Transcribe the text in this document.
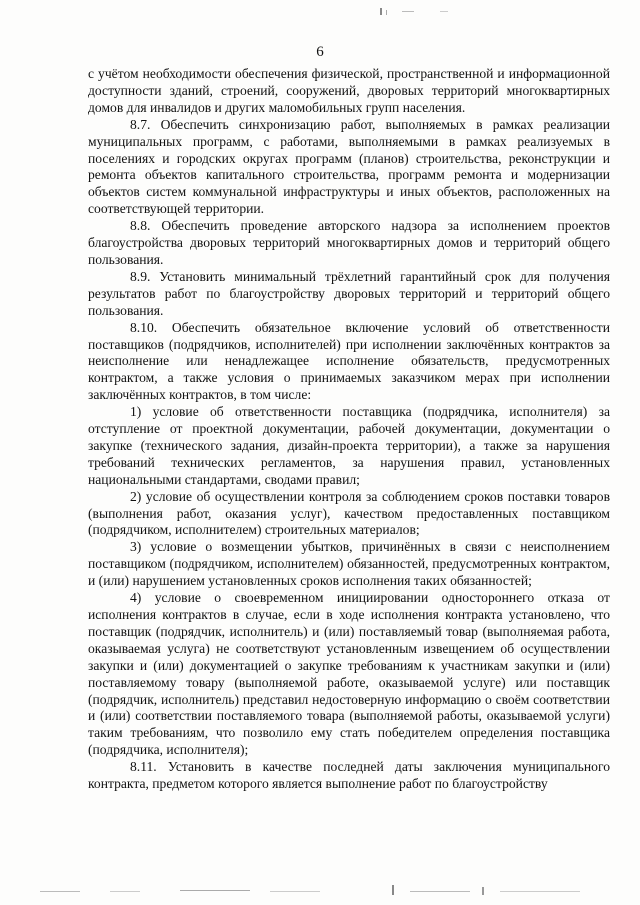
6

с учётом необходимости обеспечения физической, пространственной и информационной доступности зданий, строений, сооружений, дворовых территорий многоквартирных домов для инвалидов и других маломобильных групп населения.

8.7. Обеспечить синхронизацию работ, выполняемых в рамках реализации муниципальных программ, с работами, выполняемыми в рамках реализуемых в поселениях и городских округах программ (планов) строительства, реконструкции и ремонта объектов капитального строительства, программ ремонта и модернизации объектов систем коммунальной инфраструктуры и иных объектов, расположенных на соответствующей территории.

8.8. Обеспечить проведение авторского надзора за исполнением проектов благоустройства дворовых территорий многоквартирных домов и территорий общего пользования.

8.9. Установить минимальный трёхлетний гарантийный срок для получения результатов работ по благоустройству дворовых территорий и территорий общего пользования.

8.10. Обеспечить обязательное включение условий об ответственности поставщиков (подрядчиков, исполнителей) при исполнении заключённых контрактов за неисполнение или ненадлежащее исполнение обязательств, предусмотренных контрактом, а также условия о принимаемых заказчиком мерах при исполнении заключённых контрактов, в том числе:

1) условие об ответственности поставщика (подрядчика, исполнителя) за отступление от проектной документации, рабочей документации, документации о закупке (технического задания, дизайн-проекта территории), а также за нарушения требований технических регламентов, за нарушения правил, установленных национальными стандартами, сводами правил;

2) условие об осуществлении контроля за соблюдением сроков поставки товаров (выполнения работ, оказания услуг), качеством предоставленных поставщиком (подрядчиком, исполнителем) строительных материалов;

3) условие о возмещении убытков, причинённых в связи с неисполнением поставщиком (подрядчиком, исполнителем) обязанностей, предусмотренных контрактом, и (или) нарушением установленных сроков исполнения таких обязанностей;

4) условие о своевременном инициировании одностороннего отказа от исполнения контрактов в случае, если в ходе исполнения контракта установлено, что поставщик (подрядчик, исполнитель) и (или) поставляемый товар (выполняемая работа, оказываемая услуга) не соответствуют установленным извещением об осуществлении закупки и (или) документацией о закупке требованиям к участникам закупки и (или) поставляемому товару (выполняемой работе, оказываемой услуге) или поставщик (подрядчик, исполнитель) представил недостоверную информацию о своём соответствии и (или) соответствии поставляемого товара (выполняемой работы, оказываемой услуги) таким требованиям, что позволило ему стать победителем определения поставщика (подрядчика, исполнителя);

8.11. Установить в качестве последней даты заключения муниципального контракта, предметом которого является выполнение работ по благоустройству
